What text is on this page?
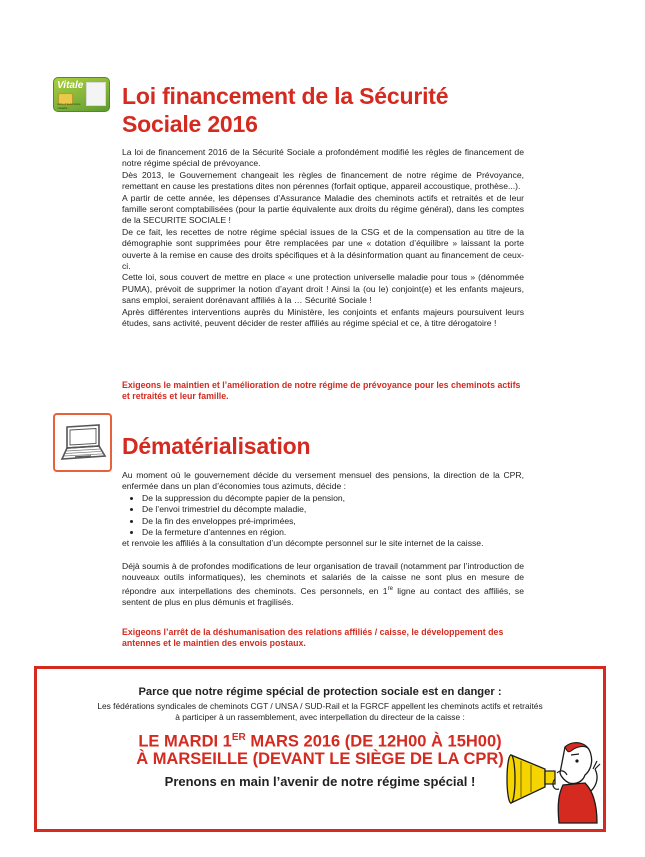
Vitale
carte d'assurance maladie	Loi financement de la Sécurité
Sociale 2016

La loi de financement 2016 de la Sécurité Sociale a profondément modifié les règles de financement de notre régime spécial de prévoyance.

Dès 2013, le Gouvernement changeait les règles de financement de notre régime de Prévoyance, remettant en cause les prestations dites non pérennes (forfait optique, appareil accoustique, prothèse...).

A partir de cette année, les dépenses d’Assurance Maladie des cheminots actifs et retraités et de leur famille seront comptabilisées (pour la partie équivalente aux droits du régime général), dans les comptes de la SECURITE SOCIALE !

De ce fait, les recettes de notre régime spécial issues de la CSG et de la compensation au titre de la démographie sont supprimées pour être remplacées par une « dotation d’équilibre » laissant la porte ouverte à la remise en cause des droits spécifiques et à la désinformation quant au financement de ceux-ci.

Cette loi, sous couvert de mettre en place « une protection universelle maladie pour tous » (dénommée PUMA), prévoit de supprimer la notion d’ayant droit ! Ainsi la (ou le) conjoint(e) et les enfants majeurs, sans emploi, seraient dorénavant affiliés à la … Sécurité Sociale !

Après différentes interventions auprès du Ministère, les conjoints et enfants majeurs poursuivent leurs études, sans activité, peuvent décider de rester affiliés au régime spécial et ce, à titre dérogatoire !

Exigeons le maintien et l’amélioration de notre régime de prévoyance pour les cheminots actifs et retraités et leur famille.
Dématérialisation

Au moment où le gouvernement décide du versement mensuel des pensions, la direction de la CPR, enfermée dans un plan d’économies tous azimuts, décide :

• De la suppression du décompte papier de la pension,
• De l’envoi trimestriel du décompte maladie,
• De la fin des enveloppes pré-imprimées,
• De la fermeture d’antennes en région.

et renvoie les affiliés à la consultation d’un décompte personnel sur le site internet de la caisse.

Déjà soumis à de profondes modifications de leur organisation de travail (notamment par l’introduction de nouveaux outils informatiques), les cheminots et salariés de la caisse ne sont plus en mesure de répondre aux interpellations des cheminots. Ces personnels, en 1re ligne au contact des affiliés, se sentent de plus en plus démunis et fragilisés.

Exigeons l’arrêt de la déshumanisation des relations affiliés / caisse, le développement des antennes et le maintien des envois postaux.
Parce que notre régime spécial de protection sociale est en danger :
Les fédérations syndicales de cheminots CGT / UNSA / SUD-Rail et la FGRCF appellent les cheminots actifs et retraités à participer à un rassemblement, avec interpellation du directeur de la caisse :
LE MARDI 1ER MARS 2016 (DE 12H00 À 15H00)
À MARSEILLE (DEVANT LE SIÈGE DE LA CPR)
Prenons en main l’avenir de notre régime spécial !
